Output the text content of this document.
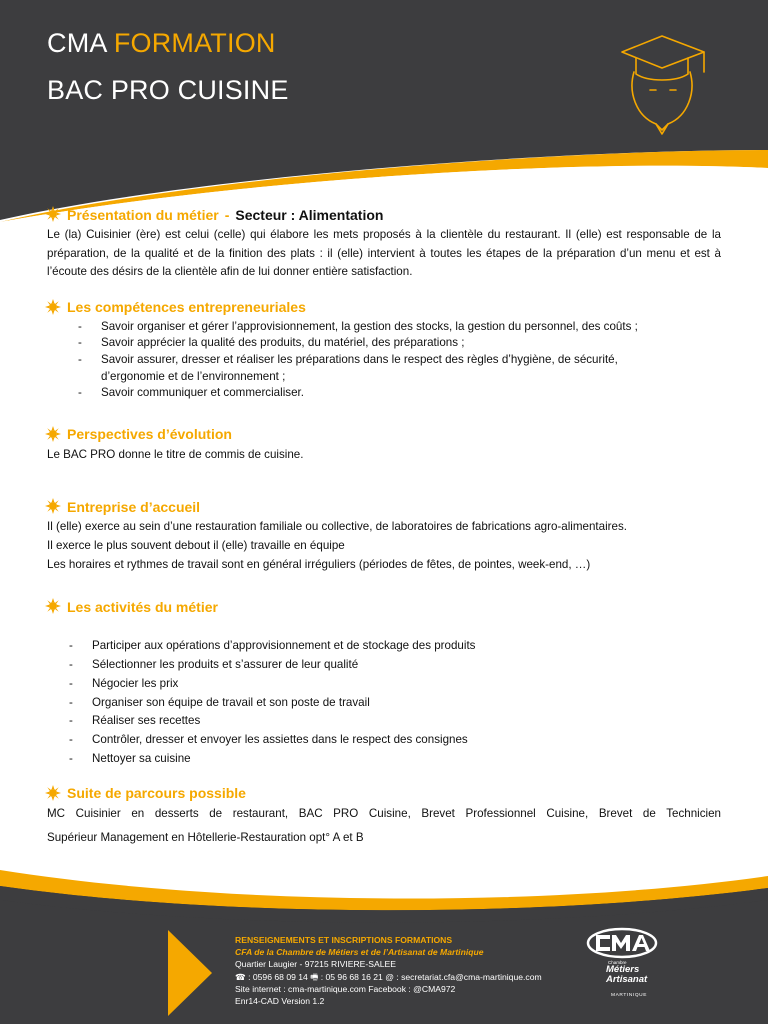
CMA FORMATION
BAC PRO CUISINE
Présentation du métier - Secteur : Alimentation

Le (la) Cuisinier (ère) est celui (celle) qui élabore les mets proposés à la clientèle du restaurant. Il (elle) est responsable de la préparation, de la qualité et de la finition des plats : il (elle) intervient à toutes les étapes de la préparation d’un menu et est à l’écoute des désirs de la clientèle afin de lui donner entière satisfaction.

Les compétences entrepreneuriales
- Savoir organiser et gérer l’approvisionnement, la gestion des stocks, la gestion du personnel, des coûts ;
- Savoir apprécier la qualité des produits, du matériel, des préparations ;
- Savoir assurer, dresser et réaliser les préparations dans le respect des règles d’hygiène, de sécurité,
d’ergonomie et de l’environnement ;
- Savoir communiquer et commercialiser.
Perspectives d’évolution

Le BAC PRO donne le titre de commis de cuisine.

Entreprise d’accueil

Il (elle) exerce au sein d’une restauration familiale ou collective, de laboratoires de fabrications agro-alimentaires.

Il exerce le plus souvent debout il (elle) travaille en équipe

Les horaires et rythmes de travail sont en général irréguliers (périodes de fêtes, de pointes, week-end, …)

Les activités du métier
- Participer aux opérations d’approvisionnement et de stockage des produits
- Sélectionner les produits et s’assurer de leur qualité
- Négocier les prix
- Organiser son équipe de travail et son poste de travail
- Réaliser ses recettes
- Contrôler, dresser et envoyer les assiettes dans le respect des consignes
- Nettoyer sa cuisine
Suite de parcours possible

MC Cuisinier en desserts de restaurant, BAC PRO Cuisine, Brevet Professionnel Cuisine, Brevet de Technicien

Supérieur Management en Hôtellerie-Restauration opt° A et B

RENSEIGNEMENTS ET INSCRIPTIONS FORMATIONS
CFA de la Chambre de Métiers et de l’Artisanat de Martinique
Quartier Laugier - 97215 RIVIERE-SALEE
☎ : 0596 68 09 14 🖷 : 05 96 68 16 21 @ : secretariat.cfa@cma-martinique.com
Site internet : cma-martinique.com Facebook : @CMA972
Enr14-CAD Version 1.2
Chambre
Métiers
Artisanat
MARTINIQUE
